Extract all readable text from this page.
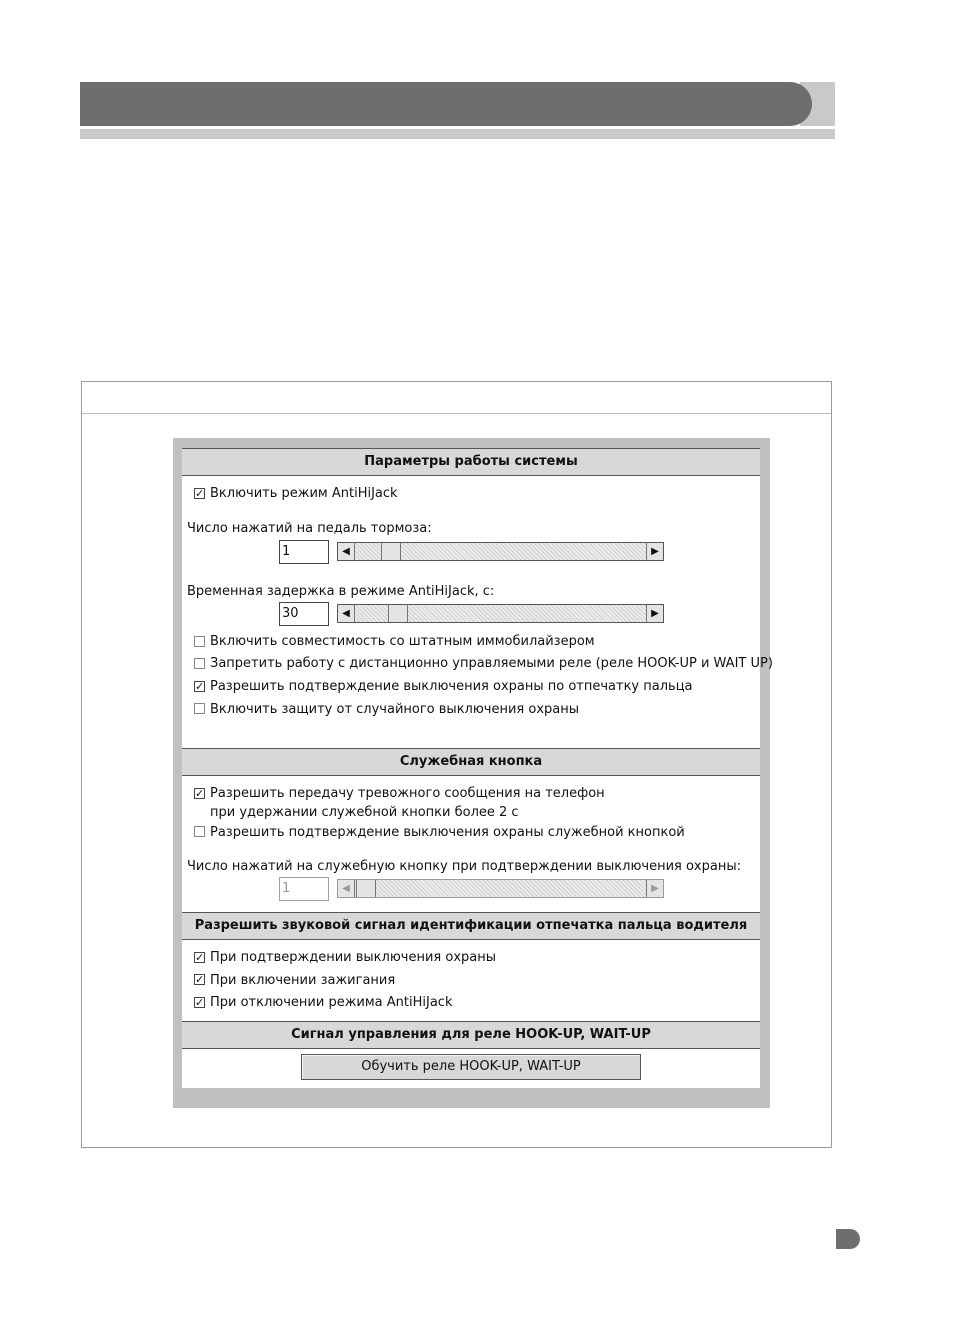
Параметры работы системы
✓ Включить режим AntiHiJack
Число нажатий на педаль тормоза:
1	◀	▶
Временная задержка в режиме AntiHiJack, с:
30	◀	▶
Включить совместимость со штатным иммобилайзером
Запретить работу с дистанционно управляемыми реле (реле HOOK-UP и WAIT UP)
✓ Разрешить подтверждение выключения охраны по отпечатку пальца
Включить защиту от случайного выключения охраны
Служебная кнопка
✓ Разрешить передачу тревожного сообщения на телефон
при удержании служебной кнопки более 2 с
Разрешить подтверждение выключения охраны служебной кнопкой
Число нажатий на служебную кнопку при подтверждении выключения охраны:
1	◀	▶
Разрешить звуковой сигнал идентификации отпечатка пальца водителя
✓ При подтверждении выключения охраны
✓ При включении зажигания
✓ При отключении режима AntiHiJack
Сигнал управления для реле HOOK-UP, WAIT-UP
Обучить реле HOOK-UP, WAIT-UP
